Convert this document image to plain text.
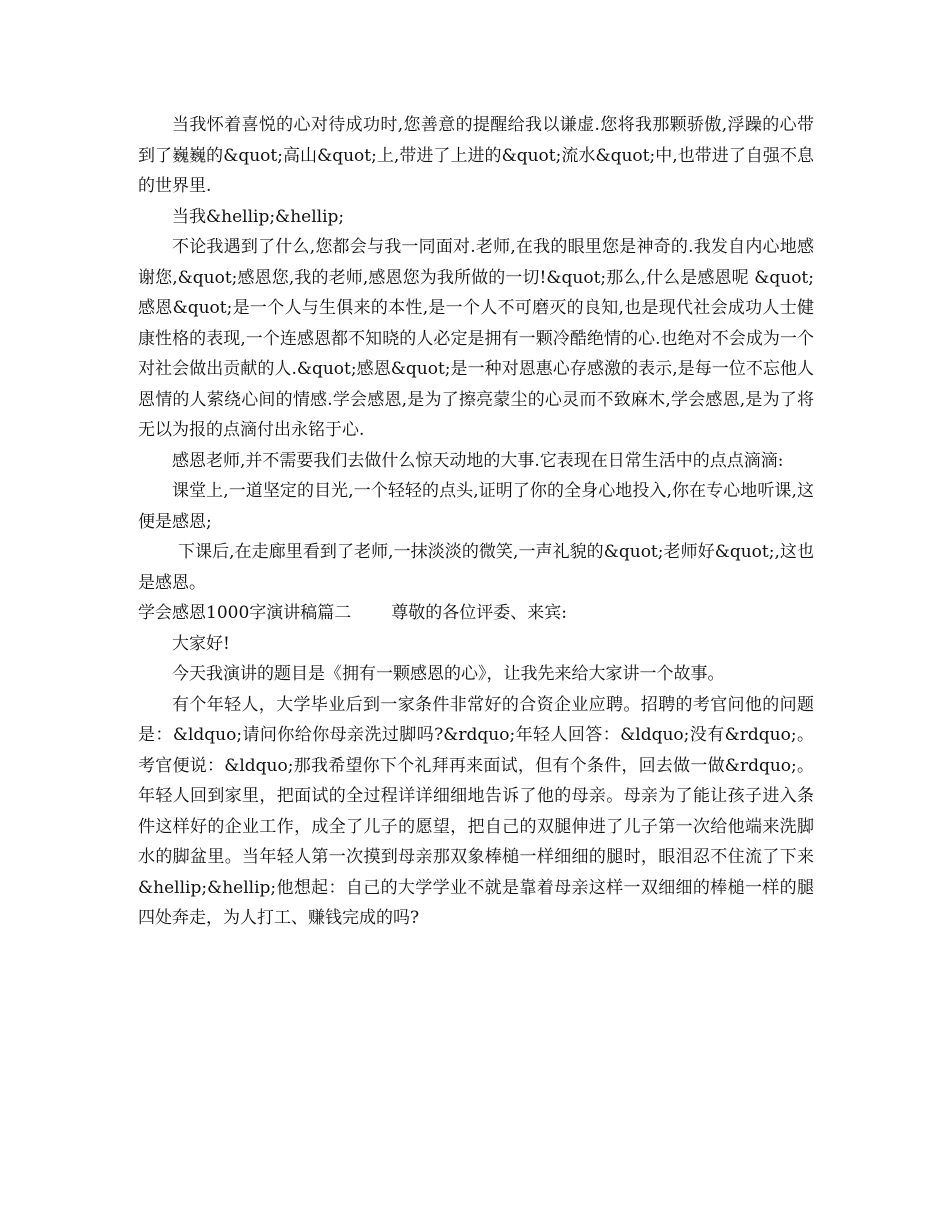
当我怀着喜悦的心对待成功时,您善意的提醒给我以谦虚.您将我那颗骄傲,浮躁的心带到了巍巍的&quot;高山&quot;上,带进了上进的&quot;流水&quot;中,也带进了自强不息的世界里.

当我&hellip;&hellip;

不论我遇到了什么,您都会与我一同面对.老师,在我的眼里您是神奇的.我发自内心地感谢您,&quot;感恩您,我的老师,感恩您为我所做的一切!&quot;那么,什么是感恩呢 &quot;感恩&quot;是一个人与生俱来的本性,是一个人不可磨灭的良知,也是现代社会成功人士健康性格的表现,一个连感恩都不知晓的人必定是拥有一颗冷酷绝情的心.也绝对不会成为一个对社会做出贡献的人.&quot;感恩&quot;是一种对恩惠心存感激的表示,是每一位不忘他人恩情的人萦绕心间的情感.学会感恩,是为了擦亮蒙尘的心灵而不致麻木,学会感恩,是为了将无以为报的点滴付出永铭于心.

感恩老师,并不需要我们去做什么惊天动地的大事.它表现在日常生活中的点点滴滴:

课堂上,一道坚定的目光,一个轻轻的点头,证明了你的全身心地投入,你在专心地听课,这便是感恩;

下课后,在走廊里看到了老师,一抹淡淡的微笑,一声礼貌的&quot;老师好&quot;,这也是感恩。

学会感恩1000字演讲稿篇二 尊敬的各位评委、来宾:

大家好!

今天我演讲的题目是《拥有一颗感恩的心》，让我先来给大家讲一个故事。

有个年轻人，大学毕业后到一家条件非常好的合资企业应聘。招聘的考官问他的问题是：&ldquo;请问你给你母亲洗过脚吗?&rdquo;年轻人回答：&ldquo;没有&rdquo;。考官便说：&ldquo;那我希望你下个礼拜再来面试，但有个条件，回去做一做&rdquo;。年轻人回到家里，把面试的全过程详详细细地告诉了他的母亲。母亲为了能让孩子进入条件这样好的企业工作，成全了儿子的愿望，把自己的双腿伸进了儿子第一次给他端来洗脚水的脚盆里。当年轻人第一次摸到母亲那双象棒槌一样细细的腿时，眼泪忍不住流了下来&hellip;&hellip;他想起：自己的大学学业不就是靠着母亲这样一双细细的棒槌一样的腿四处奔走，为人打工、赚钱完成的吗?
